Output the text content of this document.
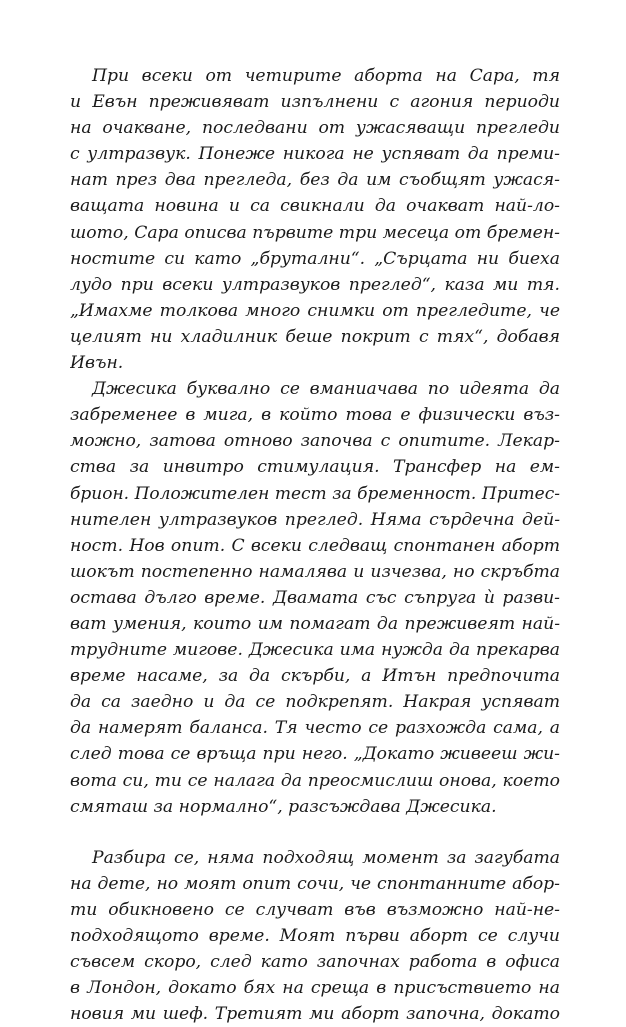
При всеки от четирите аборта на Сара, тя
и Евън преживяват изпълнени с агония периоди
на очакване, последвани от ужасяващи прегледи
с ултразвук. Понеже никога не успяват да преми-
нат през два прегледа, без да им съобщят ужася-
ващата новина и са свикнали да очакват най-ло-
шото, Сара описва първите три месеца от бремен-
ностите си като „брутални“. „Сърцата ни биеха
лудо при всеки ултразвуков преглед“, каза ми тя.
„Имахме толкова много снимки от прегледите, че
целият ни хладилник беше покрит с тях“, добавя
Ивън.
Джесика буквално се вманиачава по идеята да
забременее в мига, в който това е физически въз-
можно, затова отново започва с опитите. Лекар-
ства за инвитро стимулация. Трансфер на ем-
брион. Положителен тест за бременност. Притес-
нителен ултразвуков преглед. Няма сърдечна дей-
ност. Нов опит. С всеки следващ спонтанен аборт
шокът постепенно намалява и изчезва, но скръбта
остава дълго време. Двамата със съпруга ѝ разви-
ват умения, които им помагат да преживеят най-
трудните мигове. Джесика има нужда да прекарва
време насаме, за да скърби, а Итън предпочита
да са заедно и да се подкрепят. Накрая успяват
да намерят баланса. Тя често се разхожда сама, а
след това се връща при него. „Докато живееш жи-
вота си, ти се налага да преосмислиш онова, което
смяташ за нормално“, разсъждава Джесика.
Разбира се, няма подходящ момент за загубата
на дете, но моят опит сочи, че спонтанните абор-
ти обикновено се случват във възможно най-не-
подходящото време. Моят първи аборт се случи
съвсем скоро, след като започнах работа в офиса
в Лондон, докато бях на среща в присъствието на
новия ми шеф. Третият ми аборт започна, докато
